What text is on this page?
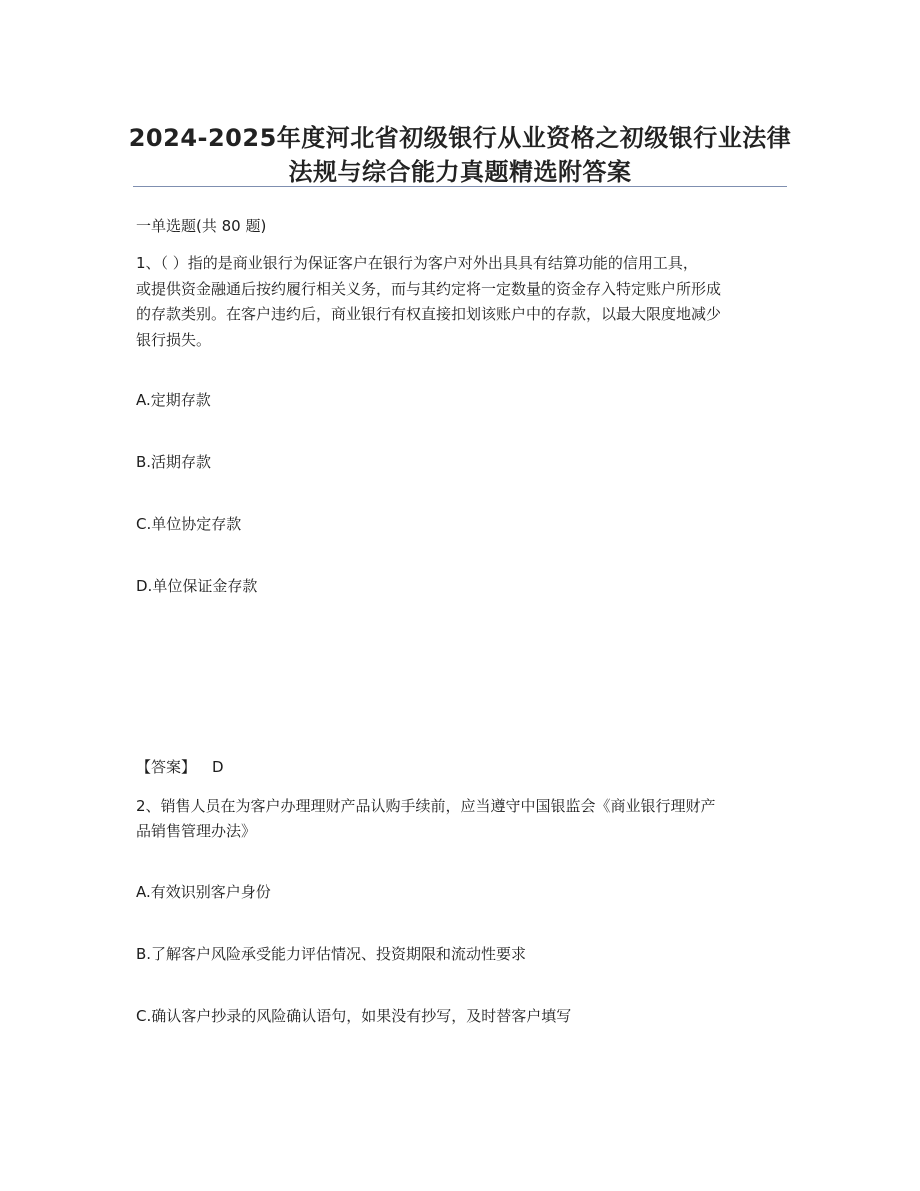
2024-2025年度河北省初级银行从业资格之初级银行业法律
法规与综合能力真题精选附答案
一单选题(共 80 题)
1、（ ）指的是商业银行为保证客户在银行为客户对外出具具有结算功能的信用工具，
或提供资金融通后按约履行相关义务，而与其约定将一定数量的资金存入特定账户所形成
的存款类别。在客户违约后，商业银行有权直接扣划该账户中的存款，以最大限度地减少
银行损失。
A.定期存款
B.活期存款
C.单位协定存款
D.单位保证金存款
【答案】 D
2、销售人员在为客户办理理财产品认购手续前，应当遵守中国银监会《商业银行理财产
品销售管理办法》
A.有效识别客户身份
B.了解客户风险承受能力评估情况、投资期限和流动性要求
C.确认客户抄录的风险确认语句，如果没有抄写，及时替客户填写
